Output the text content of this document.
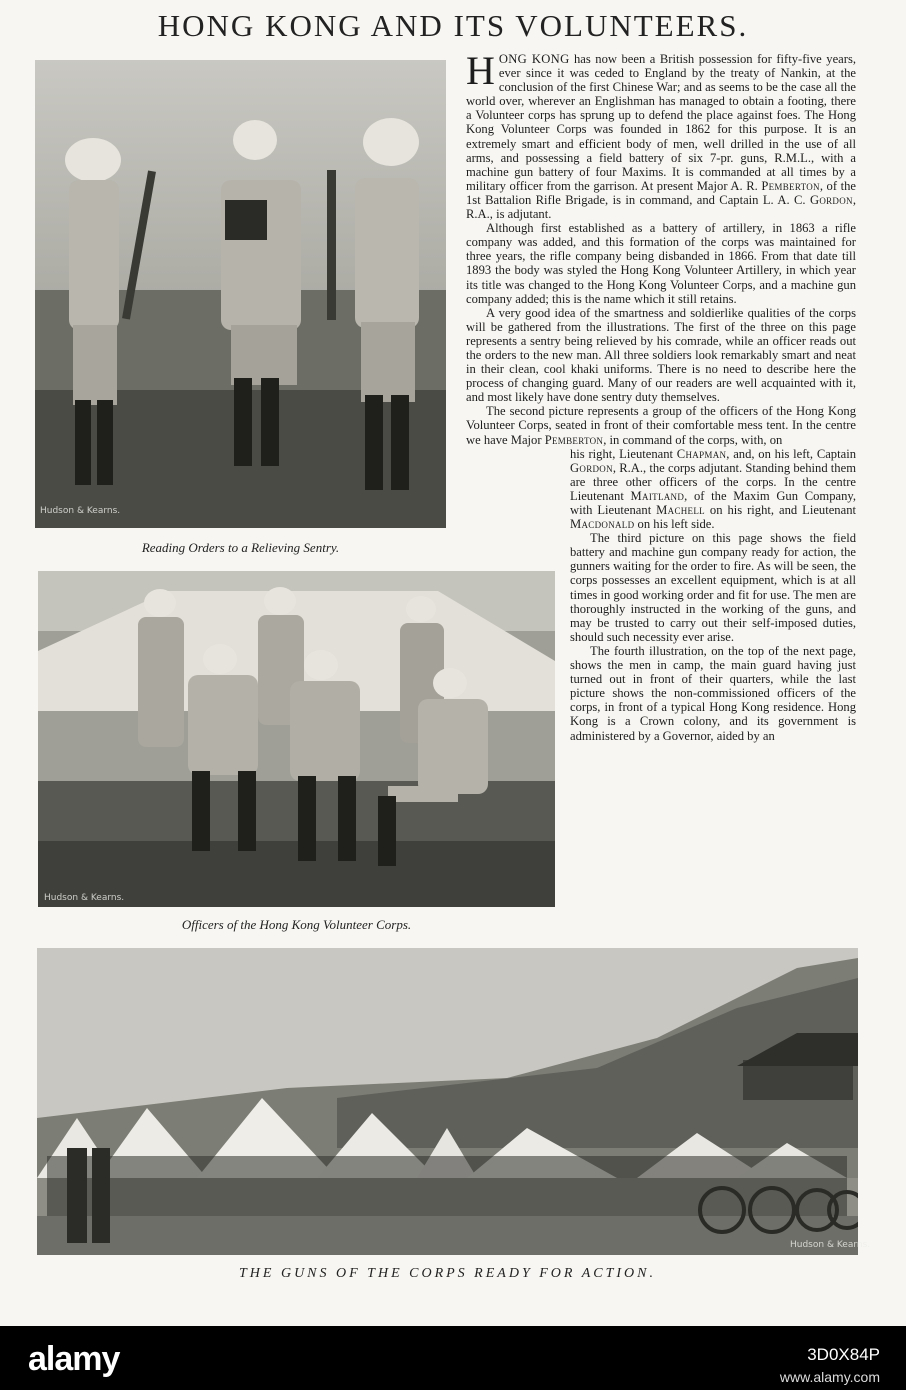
HONG KONG AND ITS VOLUNTEERS.
Hudson & Kearns.
Reading Orders to a Relieving Sentry.
Hudson & Kearns.
Officers of the Hong Kong Volunteer Corps.
Hudson & Kearns.
THE GUNS OF THE CORPS READY FOR ACTION.

HONG KONG has now been a British possession for fifty-five years, ever since it was ceded to England by the treaty of Nankin, at the conclusion of the first Chinese War; and as seems to be the case all the world over, wherever an Englishman has managed to obtain a footing, there a Volunteer corps has sprung up to defend the place against foes. The Hong Kong Volunteer Corps was founded in 1862 for this purpose. It is an extremely smart and efficient body of men, well drilled in the use of all arms, and possessing a field battery of six 7-pr. guns, R.M.L., with a machine gun battery of four Maxims. It is commanded at all times by a military officer from the garrison. At present Major A. R. Pemberton, of the 1st Battalion Rifle Brigade, is in command, and Captain L. A. C. Gordon, R.A., is adjutant.

Although first established as a battery of artillery, in 1863 a rifle company was added, and this formation of the corps was maintained for three years, the rifle company being disbanded in 1866. From that date till 1893 the body was styled the Hong Kong Volunteer Artillery, in which year its title was changed to the Hong Kong Volunteer Corps, and a machine gun company added; this is the name which it still retains.

A very good idea of the smartness and soldierlike qualities of the corps will be gathered from the illustrations. The first of the three on this page represents a sentry being relieved by his comrade, while an officer reads out the orders to the new man. All three soldiers look remarkably smart and neat in their clean, cool khaki uniforms. There is no need to describe here the process of changing guard. Many of our readers are well acquainted with it, and most likely have done sentry duty themselves.

The second picture represents a group of the officers of the Hong Kong Volunteer Corps, seated in front of their comfortable mess tent. In the centre we have Major Pemberton, in command of the corps, with, on

his right, Lieutenant Chapman, and, on his left, Captain Gordon, R.A., the corps adjutant. Standing behind them are three other officers of the corps. In the centre Lieutenant Maitland, of the Maxim Gun Company, with Lieutenant Machell on his right, and Lieutenant Macdonald on his left side.

The third picture on this page shows the field battery and machine gun company ready for action, the gunners waiting for the order to fire. As will be seen, the corps possesses an excellent equipment, which is at all times in good working order and fit for use. The men are thoroughly instructed in the working of the guns, and may be trusted to carry out their self-imposed duties, should such necessity ever arise.

The fourth illustration, on the top of the next page, shows the men in camp, the main guard having just turned out in front of their quarters, while the last picture shows the non-commissioned officers of the corps, in front of a typical Hong Kong residence. Hong Kong is a Crown colony, and its government is administered by a Governor, aided by an

alamy	3D0X84P
www.alamy.com
